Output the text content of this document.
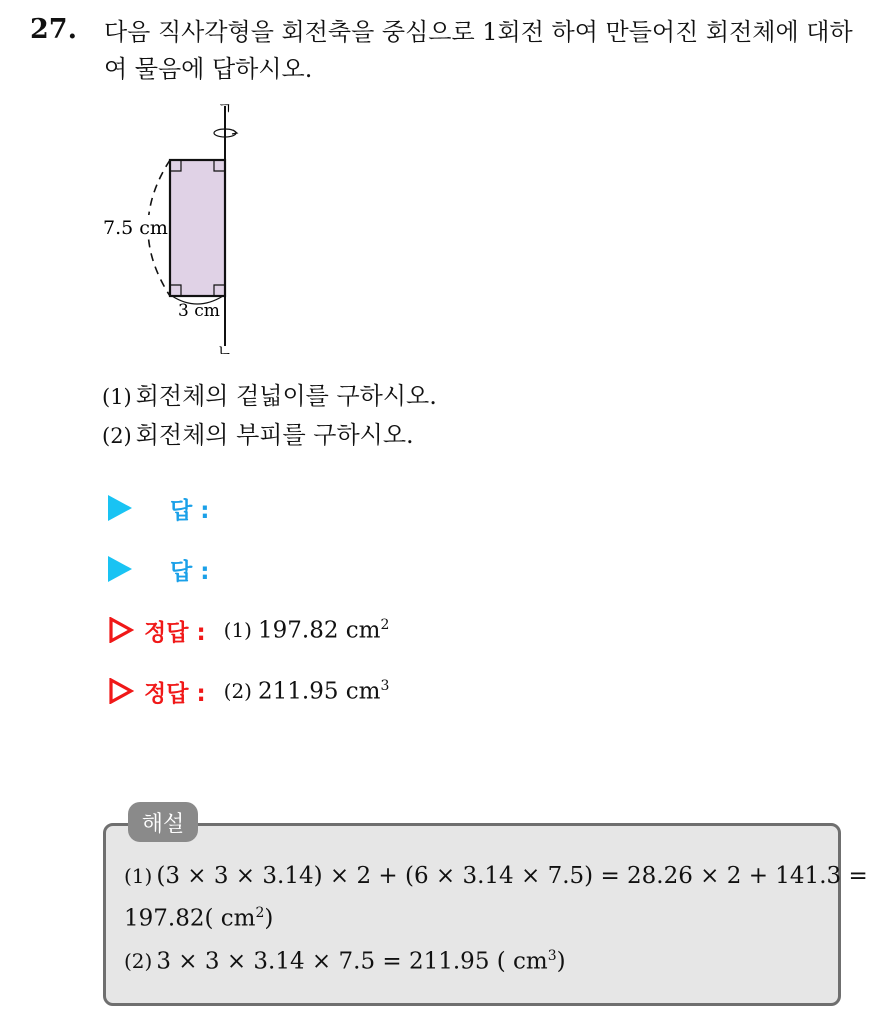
27. 다음 직사각형을 회전축을 중심으로 1회전 하여 만들어진 회전체에 대하여 물음에 답하시오.
ㄱ
ㄴ
7.5 cm
3 cm
(1) 회전체의 겉넓이를 구하시오.
(2) 회전체의 부피를 구하시오.
답 :
답 :
정답 : (1) 197.82 $cm^2$
정답 : (2) 211.95 $cm^3$
해설
(1) (3 × 3 × 3.14) × 2 + (6 × 3.14 × 7.5) = 28.26 × 2 + 141.3 =
197.82( $cm^2$)
(2) 3 × 3 × 3.14 × 7.5 = 211.95 ( $cm^3$)
